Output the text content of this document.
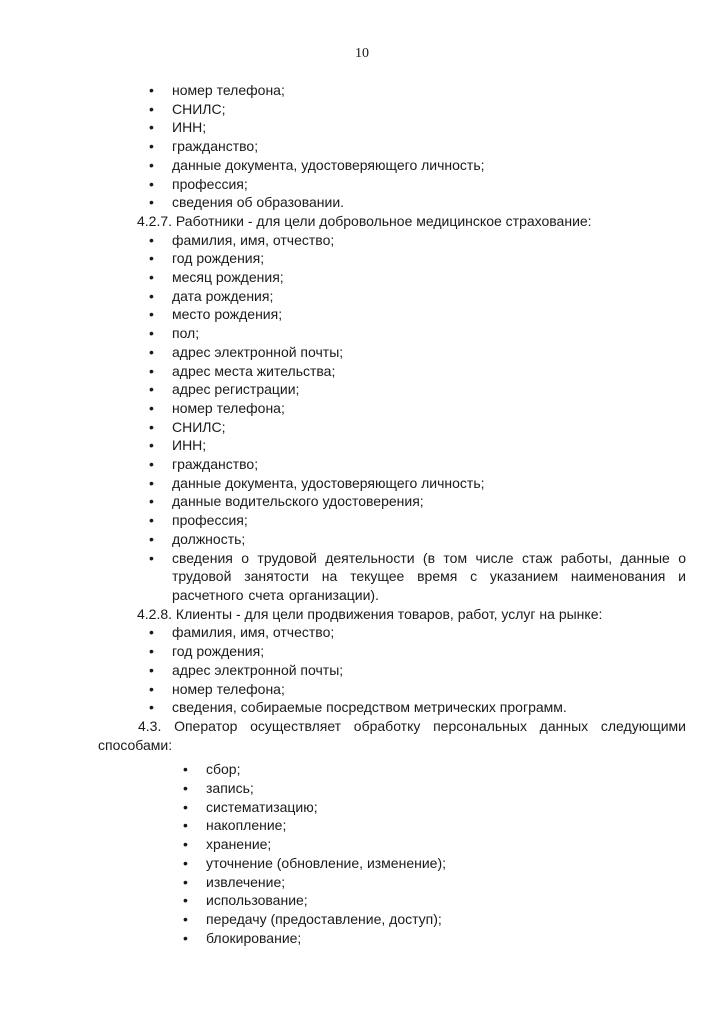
10
• номер телефона;
• СНИЛС;
• ИНН;
• гражданство;
• данные документа, удостоверяющего личность;
• профессия;
• сведения об образовании.
4.2.7. Работники - для цели добровольное медицинское страхование:
• фамилия, имя, отчество;
• год рождения;
• месяц рождения;
• дата рождения;
• место рождения;
• пол;
• адрес электронной почты;
• адрес места жительства;
• адрес регистрации;
• номер телефона;
• СНИЛС;
• ИНН;
• гражданство;
• данные документа, удостоверяющего личность;
• данные водительского удостоверения;
• профессия;
• должность;
• сведения о трудовой деятельности (в том числе стаж работы, данные о трудовой занятости на текущее время с указанием наименования и расчетного счета организации).
4.2.8. Клиенты - для цели продвижения товаров, работ, услуг на рынке:
• фамилия, имя, отчество;
• год рождения;
• адрес электронной почты;
• номер телефона;
• сведения, собираемые посредством метрических программ.
4.3. Оператор осуществляет обработку персональных данных следующими способами:
• сбор;
• запись;
• систематизацию;
• накопление;
• хранение;
• уточнение (обновление, изменение);
• извлечение;
• использование;
• передачу (предоставление, доступ);
• блокирование;
